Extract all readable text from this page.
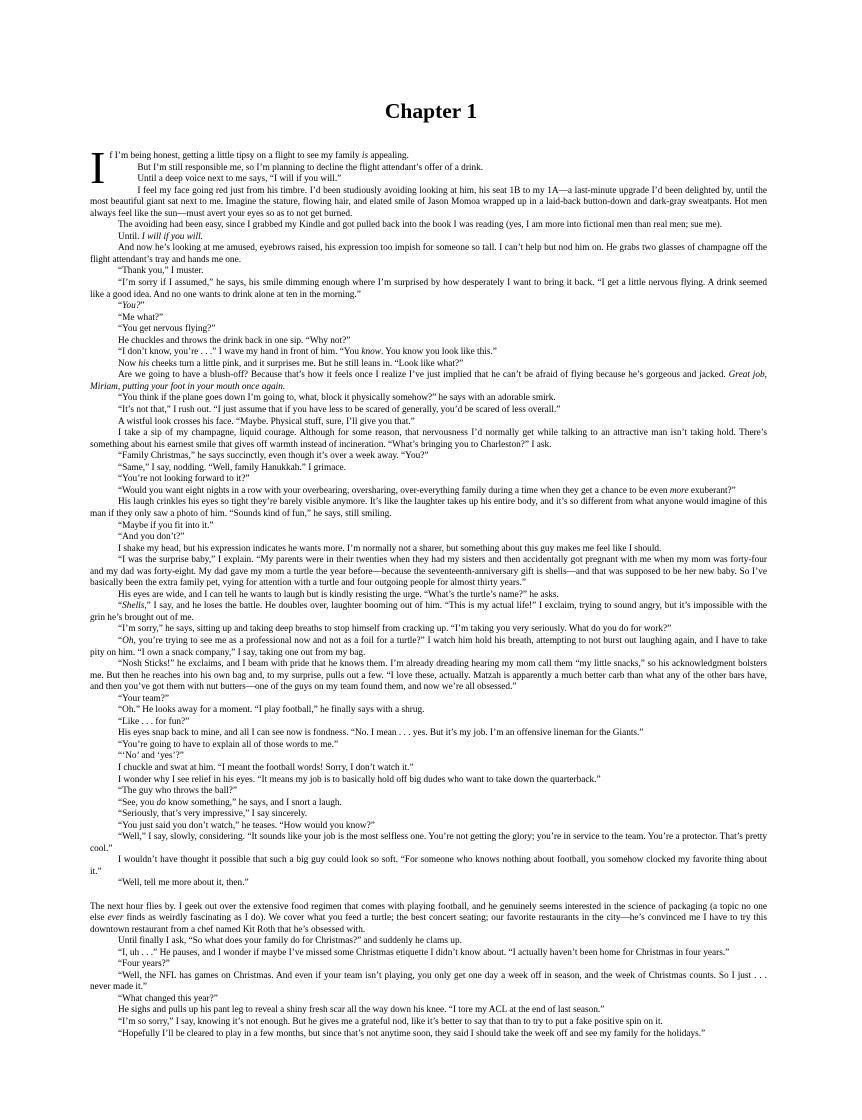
Chapter 1

If I’m being honest, getting a little tipsy on a flight to see my family is appealing.

But I’m still responsible me, so I’m planning to decline the flight attendant’s offer of a drink.

Until a deep voice next to me says, “I will if you will.”

I feel my face going red just from his timbre. I’d been studiously avoiding looking at him, his seat 1B to my 1A—a last-minute upgrade I’d been delighted by, until the most beautiful giant sat next to me. Imagine the stature, flowing hair, and elated smile of Jason Momoa wrapped up in a laid-back button-down and dark-gray sweatpants. Hot men always feel like the sun—must avert your eyes so as to not get burned.

The avoiding had been easy, since I grabbed my Kindle and got pulled back into the book I was reading (yes, I am more into fictional men than real men; sue me).

Until. I will if you will.

And now he’s looking at me amused, eyebrows raised, his expression too impish for someone so tall. I can’t help but nod him on. He grabs two glasses of champagne off the flight attendant’s tray and hands me one.

“Thank you,” I muster.

“I’m sorry if I assumed,” he says, his smile dimming enough where I’m surprised by how desperately I want to bring it back. “I get a little nervous flying. A drink seemed like a good idea. And no one wants to drink alone at ten in the morning.”

“You?”

“Me what?”

“You get nervous flying?”

He chuckles and throws the drink back in one sip. “Why not?”

“I don’t know, you’re . . .” I wave my hand in front of him. “You know. You know you look like this.”

Now his cheeks turn a little pink, and it surprises me. But he still leans in. “Look like what?”

Are we going to have a blush-off? Because that’s how it feels once I realize I’ve just implied that he can’t be afraid of flying because he’s gorgeous and jacked. Great job, Miriam, putting your foot in your mouth once again.

“You think if the plane goes down I’m going to, what, block it physically somehow?” he says with an adorable smirk.

“It’s not that,” I rush out. “I just assume that if you have less to be scared of generally, you’d be scared of less overall.”

A wistful look crosses his face. “Maybe. Physical stuff, sure, I’ll give you that.”

I take a sip of my champagne, liquid courage. Although for some reason, that nervousness I’d normally get while talking to an attractive man isn’t taking hold. There’s something about his earnest smile that gives off warmth instead of incineration. “What’s bringing you to Charleston?” I ask.

“Family Christmas,” he says succinctly, even though it’s over a week away. “You?”

“Same,” I say, nodding. “Well, family Hanukkah.” I grimace.

“You’re not looking forward to it?”

“Would you want eight nights in a row with your overbearing, oversharing, over-everything family during a time when they get a chance to be even more exuberant?”

His laugh crinkles his eyes so tight they’re barely visible anymore. It’s like the laughter takes up his entire body, and it’s so different from what anyone would imagine of this man if they only saw a photo of him. “Sounds kind of fun,” he says, still smiling.

“Maybe if you fit into it.”

“And you don’t?”

I shake my head, but his expression indicates he wants more. I’m normally not a sharer, but something about this guy makes me feel like I should.

“I was the surprise baby,” I explain. “My parents were in their twenties when they had my sisters and then accidentally got pregnant with me when my mom was forty-four and my dad was forty-eight. My dad gave my mom a turtle the year before—because the seventeenth-anniversary gift is shells—and that was supposed to be her new baby. So I’ve basically been the extra family pet, vying for attention with a turtle and four outgoing people for almost thirty years.”

His eyes are wide, and I can tell he wants to laugh but is kindly resisting the urge. “What’s the turtle’s name?” he asks.

“Shells,” I say, and he loses the battle. He doubles over, laughter booming out of him. “This is my actual life!” I exclaim, trying to sound angry, but it’s impossible with the grin he’s brought out of me.

“I’m sorry,” he says, sitting up and taking deep breaths to stop himself from cracking up. “I’m taking you very seriously. What do you do for work?”

“Oh, you’re trying to see me as a professional now and not as a foil for a turtle?” I watch him hold his breath, attempting to not burst out laughing again, and I have to take pity on him. “I own a snack company,” I say, taking one out from my bag.

“Nosh Sticks!” he exclaims, and I beam with pride that he knows them. I’m already dreading hearing my mom call them “my little snacks,” so his acknowledgment bolsters me. But then he reaches into his own bag and, to my surprise, pulls out a few. “I love these, actually. Matzah is apparently a much better carb than what any of the other bars have, and then you’ve got them with nut butters—one of the guys on my team found them, and now we’re all obsessed.”

“Your team?”

“Oh.” He looks away for a moment. “I play football,” he finally says with a shrug.

“Like . . . for fun?”

His eyes snap back to mine, and all I can see now is fondness. “No. I mean . . . yes. But it’s my job. I’m an offensive lineman for the Giants.”

“You’re going to have to explain all of those words to me.”

“‘No’ and ‘yes’?”

I chuckle and swat at him. “I meant the football words! Sorry, I don’t watch it.”

I wonder why I see relief in his eyes. “It means my job is to basically hold off big dudes who want to take down the quarterback.”

“The guy who throws the ball?”

“See, you do know something,” he says, and I snort a laugh.

“Seriously, that’s very impressive,” I say sincerely.

“You just said you don’t watch,” he teases. “How would you know?”

“Well,” I say, slowly, considering. “It sounds like your job is the most selfless one. You’re not getting the glory; you’re in service to the team. You’re a protector. That’s pretty cool.”

I wouldn’t have thought it possible that such a big guy could look so soft. “For someone who knows nothing about football, you somehow clocked my favorite thing about it.”

“Well, tell me more about it, then.”

The next hour flies by. I geek out over the extensive food regimen that comes with playing football, and he genuinely seems interested in the science of packaging (a topic no one else ever finds as weirdly fascinating as I do). We cover what you feed a turtle; the best concert seating; our favorite restaurants in the city—he’s convinced me I have to try this downtown restaurant from a chef named Kit Roth that he’s obsessed with.

Until finally I ask, “So what does your family do for Christmas?” and suddenly he clams up.

“I, uh . . .” He pauses, and I wonder if maybe I’ve missed some Christmas etiquette I didn’t know about. “I actually haven’t been home for Christmas in four years.”

“Four years?”

“Well, the NFL has games on Christmas. And even if your team isn’t playing, you only get one day a week off in season, and the week of Christmas counts. So I just . . . never made it.”

“What changed this year?”

He sighs and pulls up his pant leg to reveal a shiny fresh scar all the way down his knee. “I tore my ACL at the end of last season.”

“I’m so sorry,” I say, knowing it’s not enough. But he gives me a grateful nod, like it’s better to say that than to try to put a fake positive spin on it.

“Hopefully I’ll be cleared to play in a few months, but since that’s not anytime soon, they said I should take the week off and see my family for the holidays.”
